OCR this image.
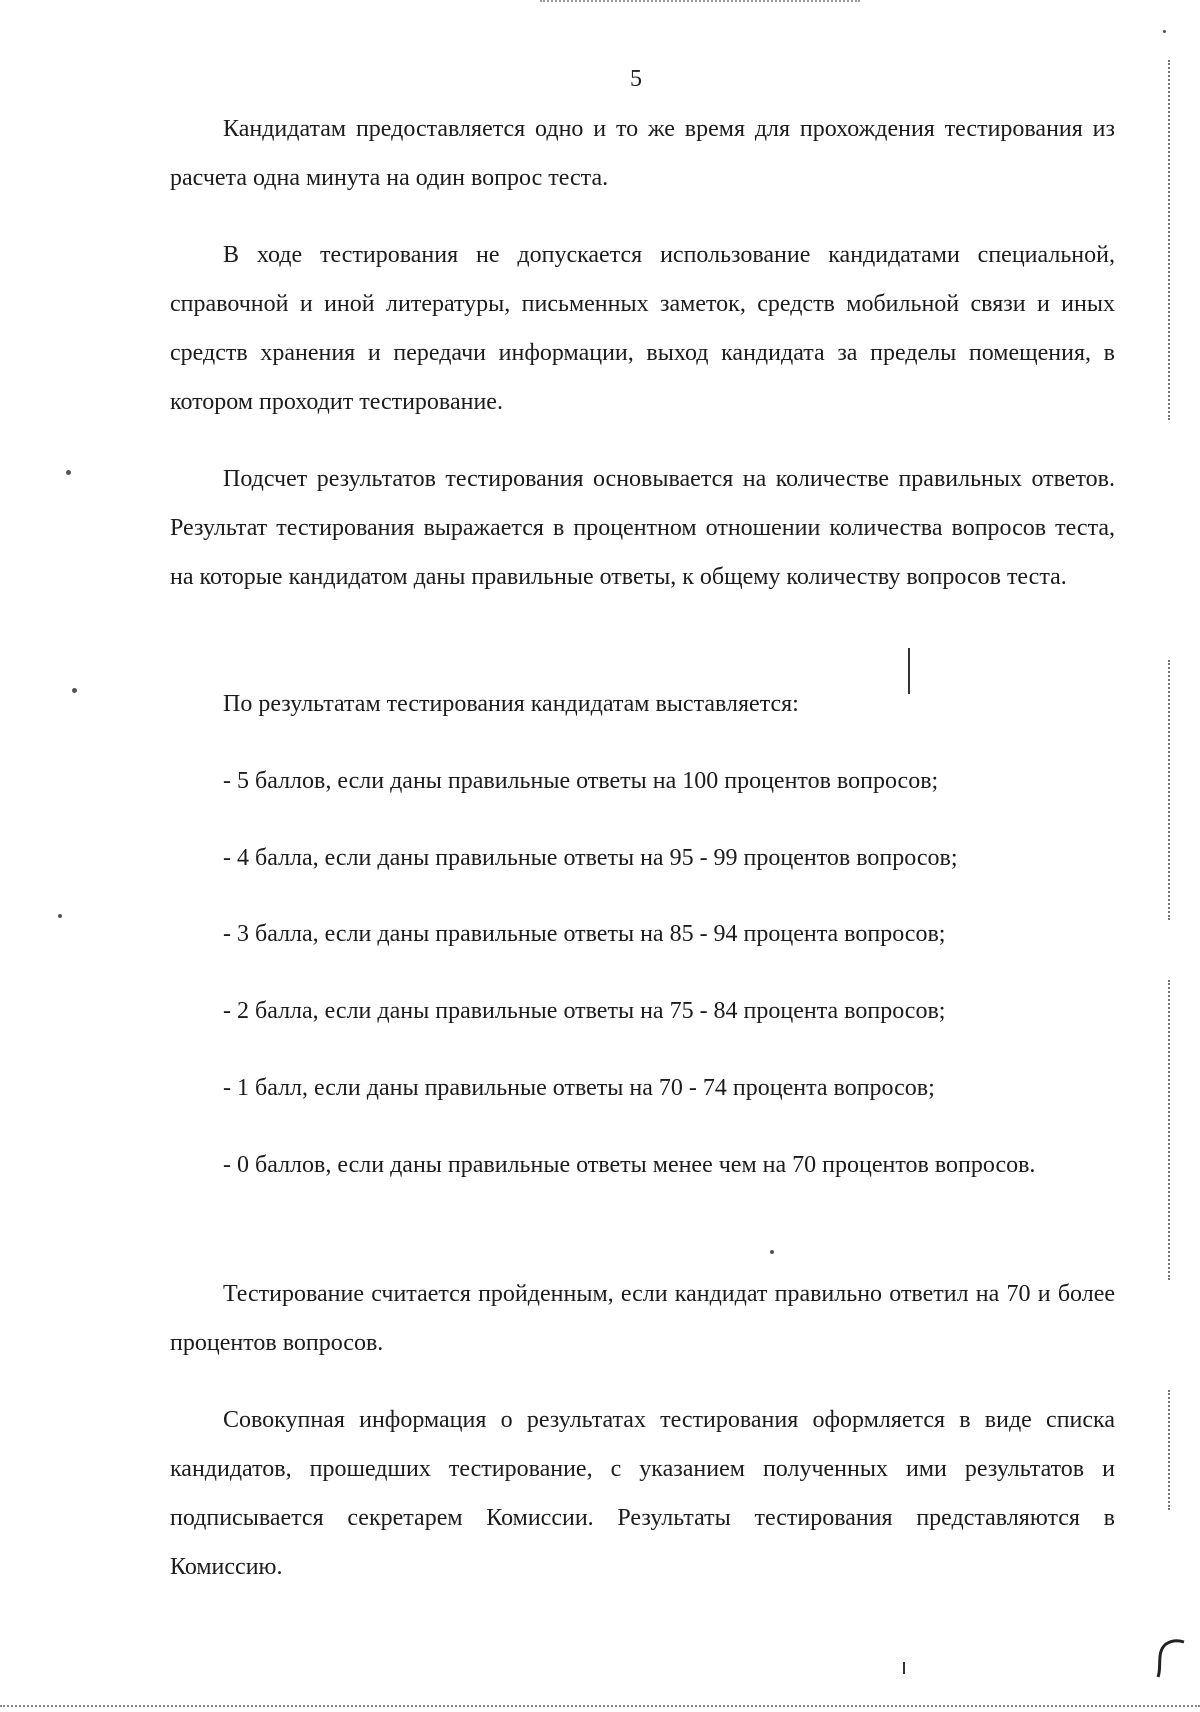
5

Кандидатам предоставляется одно и то же время для прохождения тестирования из расчета одна минута на один вопрос теста.

В ходе тестирования не допускается использование кандидатами специальной, справочной и иной литературы, письменных заметок, средств мобильной связи и иных средств хранения и передачи информации, выход кандидата за пределы помещения, в котором проходит тестирование.

Подсчет результатов тестирования основывается на количестве правильных ответов. Результат тестирования выражается в процентном отношении количества вопросов теста, на которые кандидатом даны правильные ответы, к общему количеству вопросов теста.

По результатам тестирования кандидатам выставляется:

- 5 баллов, если даны правильные ответы на 100 процентов вопросов;

- 4 балла, если даны правильные ответы на 95 - 99 процентов вопросов;

- 3 балла, если даны правильные ответы на 85 - 94 процента вопросов;

- 2 балла, если даны правильные ответы на 75 - 84 процента вопросов;

- 1 балл, если даны правильные ответы на 70 - 74 процента вопросов;

- 0 баллов, если даны правильные ответы менее чем на 70 процентов вопросов.

Тестирование считается пройденным, если кандидат правильно ответил на 70 и более процентов вопросов.

Совокупная информация о результатах тестирования оформляется в виде списка кандидатов, прошедших тестирование, с указанием полученных ими результатов и подписывается секретарем Комиссии. Результаты тестирования представляются в Комиссию.
